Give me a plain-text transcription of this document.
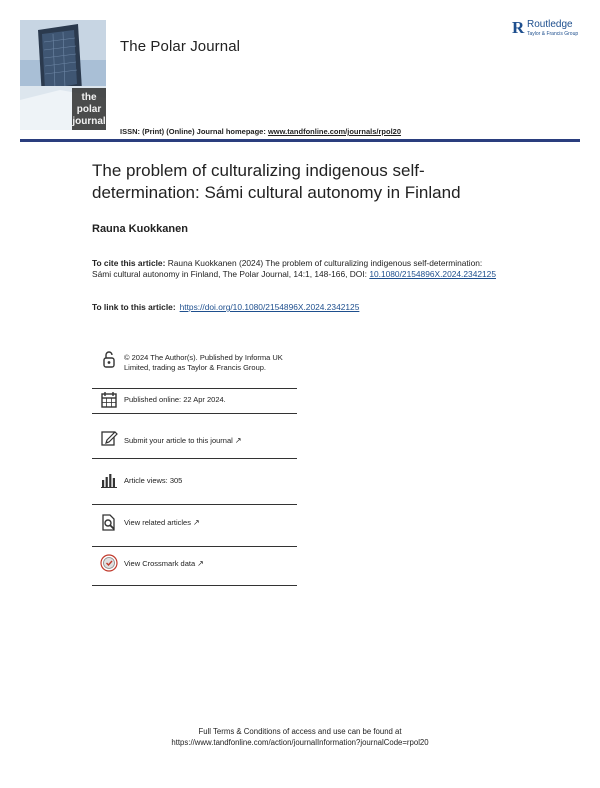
the
polar
journal
The Polar Journal
R Routledge
Taylor & Francis Group
ISSN: (Print) (Online) Journal homepage: www.tandfonline.com/journals/rpol20
The problem of culturalizing indigenous self-determination: Sámi cultural autonomy in Finland
Rauna Kuokkanen
To cite this article: Rauna Kuokkanen (2024) The problem of culturalizing indigenous self-determination: Sámi cultural autonomy in Finland, The Polar Journal, 14:1, 148-166, DOI: 10.1080/2154896X.2024.2342125
To link to this article: https://doi.org/10.1080/2154896X.2024.2342125
© 2024 The Author(s). Published by Informa UK Limited, trading as Taylor & Francis Group.
Published online: 22 Apr 2024.
Submit your article to this journal ↗
Article views: 305
View related articles ↗
View Crossmark data ↗
Full Terms & Conditions of access and use can be found at
https://www.tandfonline.com/action/journalInformation?journalCode=rpol20
